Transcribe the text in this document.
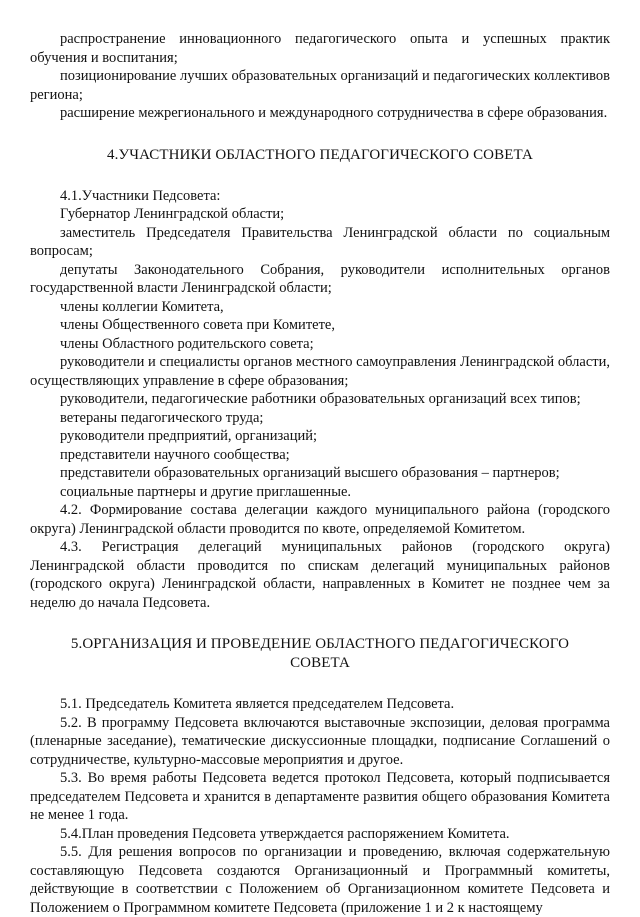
распространение инновационного педагогического опыта и успешных практик обучения и воспитания;

позиционирование лучших образовательных организаций и педагогических коллективов региона;

расширение межрегионального и международного сотрудничества в сфере образования.

4.УЧАСТНИКИ ОБЛАСТНОГО ПЕДАГОГИЧЕСКОГО СОВЕТА

4.1.Участники Педсовета:

Губернатор Ленинградской области;

заместитель Председателя Правительства Ленинградской области по социальным вопросам;

депутаты Законодательного Собрания, руководители исполнительных органов государственной власти Ленинградской области;

члены коллегии Комитета,

члены Общественного совета при Комитете,

члены Областного родительского совета;

руководители и специалисты органов местного самоуправления Ленинградской области, осуществляющих управление в сфере образования;

руководители, педагогические работники образовательных организаций всех типов;

ветераны педагогического труда;

руководители предприятий, организаций;

представители научного сообщества;

представители образовательных организаций высшего образования – партнеров;

социальные партнеры и другие приглашенные.

4.2. Формирование состава делегации каждого муниципального района (городского округа) Ленинградской области проводится по квоте, определяемой Комитетом.

4.3. Регистрация делегаций муниципальных районов (городского округа) Ленинградской области проводится по спискам делегаций муниципальных районов (городского округа) Ленинградской области, направленных в Комитет не позднее чем за неделю до начала Педсовета.

5.ОРГАНИЗАЦИЯ И ПРОВЕДЕНИЕ ОБЛАСТНОГО ПЕДАГОГИЧЕСКОГО

СОВЕТА

5.1. Председатель Комитета является председателем Педсовета.

5.2. В программу Педсовета включаются выставочные экспозиции, деловая программа (пленарные заседание), тематические дискуссионные площадки, подписание Соглашений о сотрудничестве, культурно-массовые мероприятия и другое.

5.3. Во время работы Педсовета ведется протокол Педсовета, который подписывается председателем Педсовета и хранится в департаменте развития общего образования Комитета не менее 1 года.

5.4.План проведения Педсовета утверждается распоряжением Комитета.

5.5. Для решения вопросов по организации и проведению, включая содержательную составляющую Педсовета создаются Организационный и Программный комитеты, действующие в соответствии с Положением об Организационном комитете Педсовета и Положением о Программном комитете Педсовета (приложение 1 и 2 к настоящему
